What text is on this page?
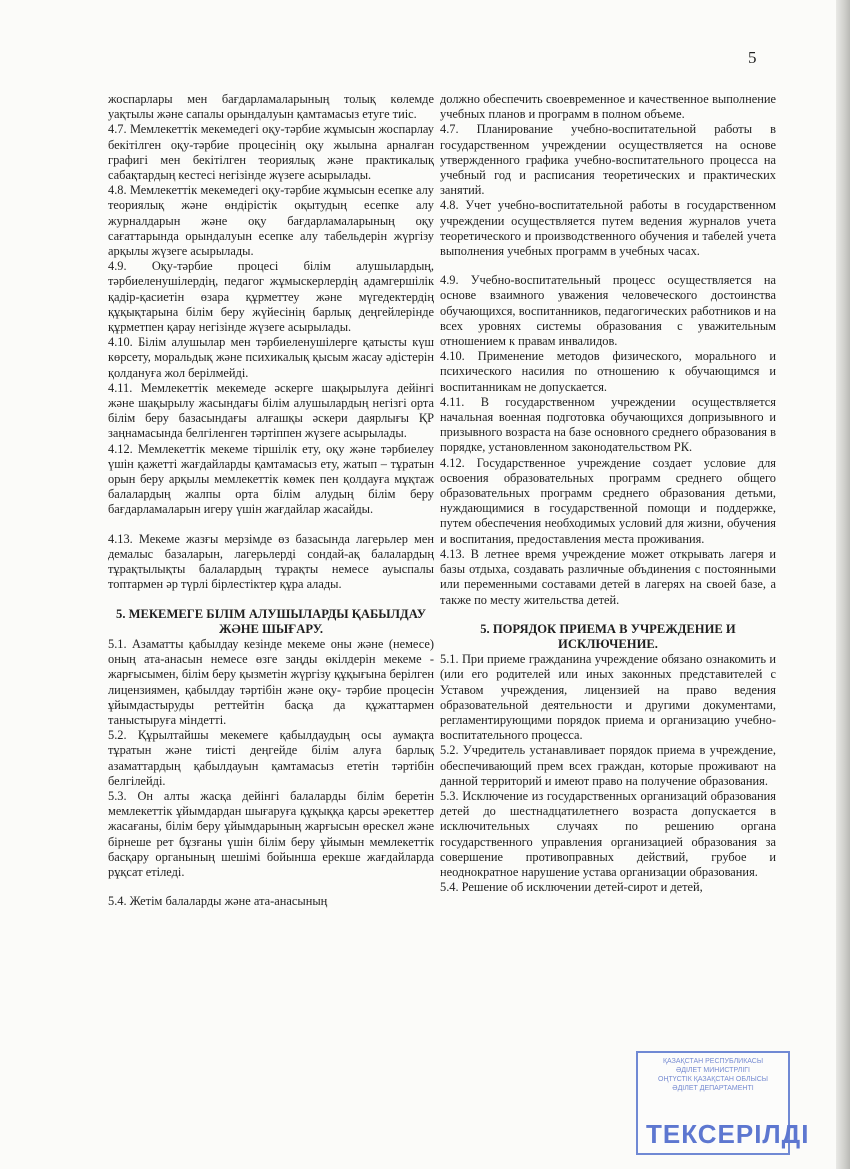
5

жоспарлары мен бағдарламаларының толық көлемде уақтылы және сапалы орындалуын қамтамасыз етуге тиіс.

4.7. Мемлекеттік мекемедегі оқу-тәрбие жұмысын жоспарлау бекітілген оқу-тәрбие процесінің оқу жылына арналған графигі мен бекітілген теориялық және практикалық сабақтардың кестесі негізінде жүзеге асырылады.

4.8. Мемлекеттік мекемедегі оқу-тәрбие жұмысын есепке алу теориялық және өндірістік оқытудың есепке алу журналдарын және оқу бағдарламаларының оқу сағаттарында орындалуын есепке алу табельдерін жүргізу арқылы жүзеге асырылады.

4.9. Оқу-тәрбие процесі білім алушылардың, тәрбиеленушілердің, педагог жұмыскерлердің адамгершілік қадір-қасиетін өзара құрметтеу және мүгедектердің құқықтарына білім беру жүйесінің барлық деңгейлерінде құрметпен қарау негізінде жүзеге асырылады.

4.10. Білім алушылар мен тәрбиеленушілерге қатысты күш көрсету, моральдық және психикалық қысым жасау әдістерін қолдануға жол берілмейді.

4.11. Мемлекеттік мекемеде әскерге шақырылуға дейінгі және шақырылу жасындағы білім алушылардың негізгі орта білім беру базасындағы алғашқы әскери даярлығы ҚР заңнамасында белгіленген тәртіппен жүзеге асырылады.

4.12. Мемлекеттік мекеме тіршілік ету, оқу және тәрбиелеу үшін қажетті жағдайларды қамтамасыз ету, жатып – тұратын орын беру арқылы мемлекеттік көмек пен қолдауға мұқтаж балалардың жалпы орта білім алудың білім беру бағдарламаларын игеру үшін жағдайлар жасайды.

4.13. Мекеме жазғы мерзімде өз базасында лагерьлер мен демалыс базаларын, лагерьлерді сондай-ақ балалардың тұрақтылықты балалардың тұрақты немесе ауыспалы топтармен әр түрлі бірлестіктер құра алады.

5. МЕКЕМЕГЕ БІЛІМ АЛУШЫЛАРДЫ ҚАБЫЛДАУ ЖӘНЕ ШЫҒАРУ.

5.1. Азаматты қабылдау кезінде мекеме оны және (немесе) оның ата-анасын немесе өзге заңды өкілдерін мекеме - жарғысымен, білім беру қызметін жүргізу құқығына берілген лицензиямен, қабылдау тәртібін және оқу- тәрбие процесін ұйымдастыруды реттейтін басқа да құжаттармен таныстыруға міндетті.

5.2. Құрылтайшы мекемеге қабылдаудың осы аумақта тұратын және тиісті деңгейде білім алуға барлық азаматтардың қабылдауын қамтамасыз ететін тәртібін белгілейді.

5.3. Он алты жасқа дейінгі балаларды білім беретін мемлекеттік ұйымдардан шығаруға құқыққа қарсы әрекеттер жасағаны, білім беру ұйымдарының жарғысын өрескел және бірнеше рет бұзғаны үшін білім беру ұйымын мемлекеттік басқару органының шешімі бойынша ерекше жағдайларда рұқсат етіледі.

5.4. Жетім балаларды және ата-анасының

должно обеспечить своевременное и качественное выполнение учебных планов и программ в полном объеме.

4.7. Планирование учебно-воспитательной работы в государственном учреждении осуществляется на основе утвержденного графика учебно-воспитательного процесса на учебный год и расписания теоретических и практических занятий.

4.8. Учет учебно-воспитательной работы в государственном учреждении осуществляется путем ведения журналов учета теоретического и производственного обучения и табелей учета выполнения учебных программ в учебных часах.

4.9. Учебно-воспитательный процесс осуществляется на основе взаимного уважения человеческого достоинства обучающихся, воспитанников, педагогических работников и на всех уровнях системы образования с уважительным отношением к правам инвалидов.

4.10. Применение методов физического, морального и психического насилия по отношению к обучающимся и воспитанникам не допускается.

4.11. В государственном учреждении осуществляется начальная военная подготовка обучающихся допризывного и призывного возраста на базе основного среднего образования в порядке, установленном законодательством РК.

4.12. Государственное учреждение создает условие для освоения образовательных программ среднего общего образовательных программ среднего образования детьми, нуждающимися в государственной помощи и поддержке, путем обеспечения необходимых условий для жизни, обучения и воспитания, предоставления места проживания.

4.13. В летнее время учреждение может открывать лагеря и базы отдыха, создавать различные объдинения с постоянными или переменными составами детей в лагерях на своей базе, а также по месту жительства детей.

5. ПОРЯДОК ПРИЕМА В УЧРЕЖДЕНИЕ И ИСКЛЮЧЕНИЕ.

5.1. При приеме гражданина учреждение обязано ознакомить и (или его родителей или иных законных представителей с Уставом учреждения, лицензией на право ведения образовательной деятельности и другими документами, регламентирующими порядок приема и организацию учебно-воспитательного процесса.

5.2. Учредитель устанавливает порядок приема в учреждение, обеспечивающий прем всех граждан, которые проживают на данной территорий и имеют право на получение образования.

5.3. Исключение из государственных организаций образования детей до шестнадцатилетнего возраста допускается в исключительных случаях по решению органа государственного управления организацией образования за совершение противоправных действий, грубое и неоднократное нарушение устава организации образования.

5.4. Решение об исключении детей-сирот и детей,

ҚАЗАҚСТАН РЕСПУБЛИКАСЫ
ӘДІЛЕТ МИНИСТРЛІГІ
ОҢТҮСТІК ҚАЗАҚСТАН ОБЛЫСЫ
ӘДІЛЕТ ДЕПАРТАМЕНТІ
ТЕКСЕРІЛДІ
